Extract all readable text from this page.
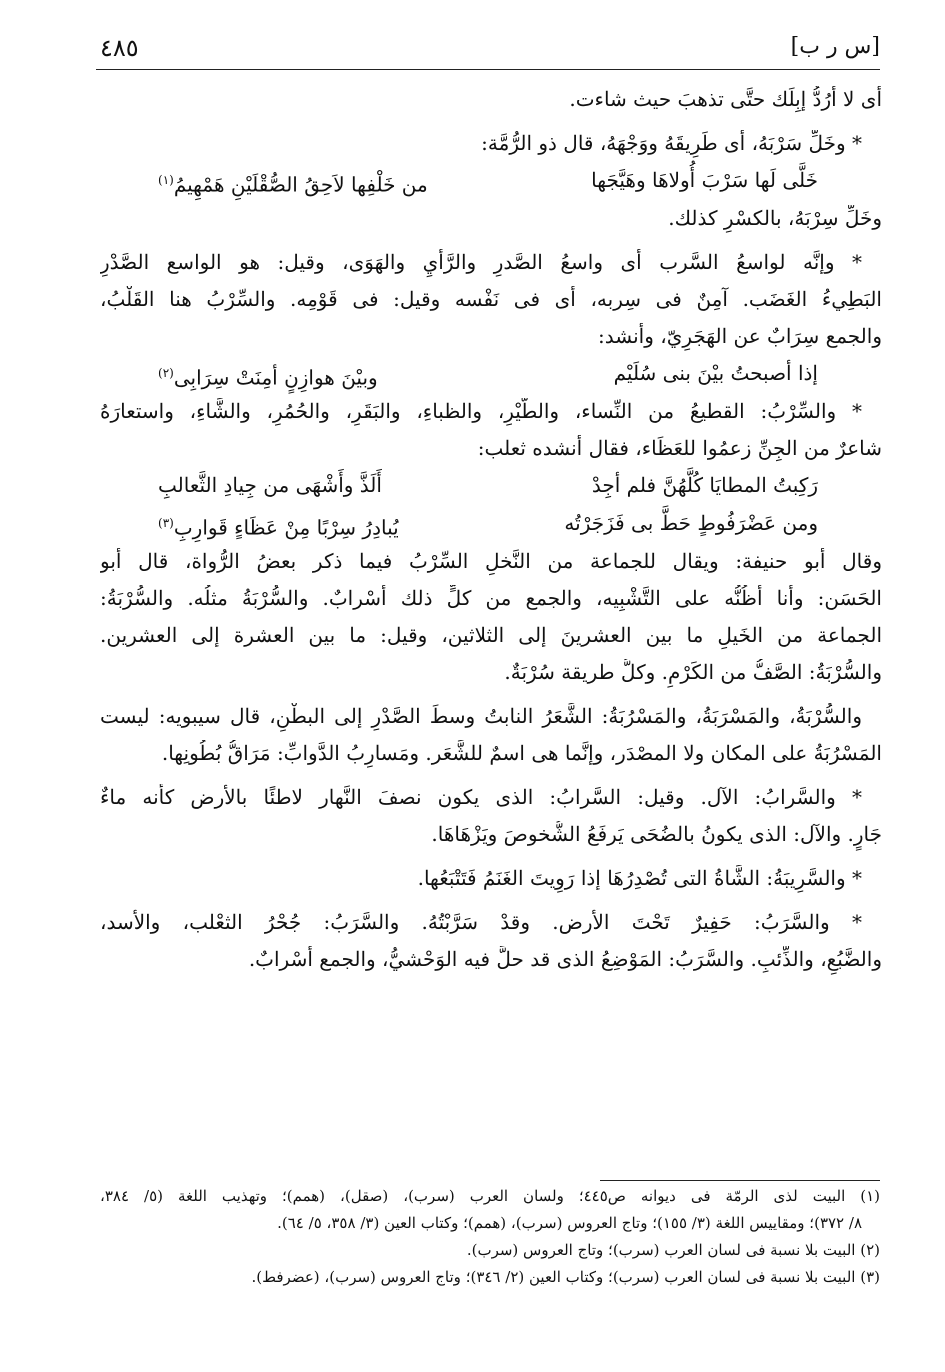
٤٨٥	[س ر ب]

أى لا أرُدُّ إبِلَك حتَّى تذهبَ حيث شاءت.

* وخَلِّ سَرْبَهُ، أى طَرِيقَهُ ووَجْهَهُ، قال ذو الرُّمَّة:

خَلَّى لَها سَرْبَ أُولاهَا وهَيَّجَها
من خَلْفِها لاَحِقُ الصُّقْلَيْنِ هَمْهِيمُ$^{(١)}$

وخَلِّ سِرْبَهُ، بالكسْرِ كذلك.

* وإنَّه لواسعُ السَّرب أى واسعُ الصَّدرِ والرَّأْيِ والهَوَى، وقيل: هو الواسع الصَّدْرِ

البَطِيءُ الغَضَب. آمِنٌ فى سِربه، أى فى نَفْسه وقيل: فى قَوْمِه. والسِّرْبُ هنا القَلْبُ،

والجمع سِرَابٌ عن الهَجَرِيّ، وأنشد:

إذا أصبحتُ بيْنَ بنى سُلَيْم
وبيْنَ هوازِنٍ أمِنَتْ سِرَابِى$^{(٢)}$

* والسِّرْبُ: القطيعُ من النِّساء، والطَّيْرِ، والظباءِ، والبَقَرِ، والحُمُرِ، والشَّاءِ، واستعارَهُ

شاعرٌ من الجِنِّ زعمُوا للعَظَاء، فقال أنشده ثعلب:

رَكِبتُ المطايَا كُلَّهُنَّ فلم أجِدْ
أَلَذَّ وأَشْهَى من جِيادِ الثَّعالبِ
ومن عَضْرَفُوطٍ حَطَّ بى فَزَجَرْتُه
يُبادِرُ سِرْبًا مِنْ عَظَاءٍ قَوارِبِ$^{(٣)}$

وقال أبو حنيفة: ويقال للجماعة من النَّخلِ السِّرْبُ فيما ذكر بعضُ الرُّواة، قال أبو

الحَسَن: وأنا أظُنُّه على التَّشْبِيه، والجمع من كلٍّ ذلك أسْرابٌ. والسُّرْبَةُ مثلُه. والسُّرْبَةُ:

الجماعة من الخَيلِ ما بين العشرينَ إلى الثلاثين، وقيل: ما بين العشرة إلى العشرين.

والسُّرْبَةُ: الصَّفُّ من الكَرْمِ. وكلُّ طريقة سُرْبَةٌ.

والسُّرْبَةُ، والمَسْرَبَةُ، والمَسْرُبَةُ: الشَّعَرُ النابتُ وسطَ الصَّدْرِ إلى البطْنِ، قال سيبويه: ليست

المَسْرُبَةُ على المكان ولا المصْدَر، وإنَّما هى اسمٌ للشَّعَر. ومَسارِبُ الدَّوابِّ: مَرَاقُّ بُطُونِها.

* والسَّرابُ: الآل. وقيل: السَّرابُ: الذى يكون نصفَ النَّهار لاطئًا بالأرض كأنه ماءٌ

جَارٍ. والآل: الذى يكونُ بالضُحَى يَرفَعُ الشُّخوصَ ويَزْهَاهَا.

* والسَّرِيبَةُ: الشَّاةُ التى تُصْدِرُهَا إذا رَوِيتَ الغَنَمُ فَتَتْبَعُها.

* والسَّرَبُ: حَفِيرٌ تَحْتَ الأرض. وقدْ سَرَّبْتُهُ. والسَّرَبُ: جُحْرُ الثعْلب، والأسد،

والضَّبُعِ، والذِّئبِ. والسَّرَبُ: المَوْضِعُ الذى قد حلَّ فيه الوَحْشيُّ، والجمع أسْرابٌ.

(١) البيت لذى الرمّة فى ديوانه ص٤٤٥؛ ولسان العرب (سرب)، (صقل)، (همم)؛ وتهذيب اللغة (٥/ ٣٨٤،
٨/ ٣٧٢)؛ ومقاييس اللغة (٣/ ١٥٥)؛ وتاج العروس (سرب)، (همم)؛ وكتاب العين (٣/ ٣٥٨، ٥/ ٦٤).
(٢) البيت بلا نسبة فى لسان العرب (سرب)؛ وتاج العروس (سرب).
(٣) البيت بلا نسبة فى لسان العرب (سرب)؛ وكتاب العين (٢/ ٣٤٦)؛ وتاج العروس (سرب)، (عضرفط).
